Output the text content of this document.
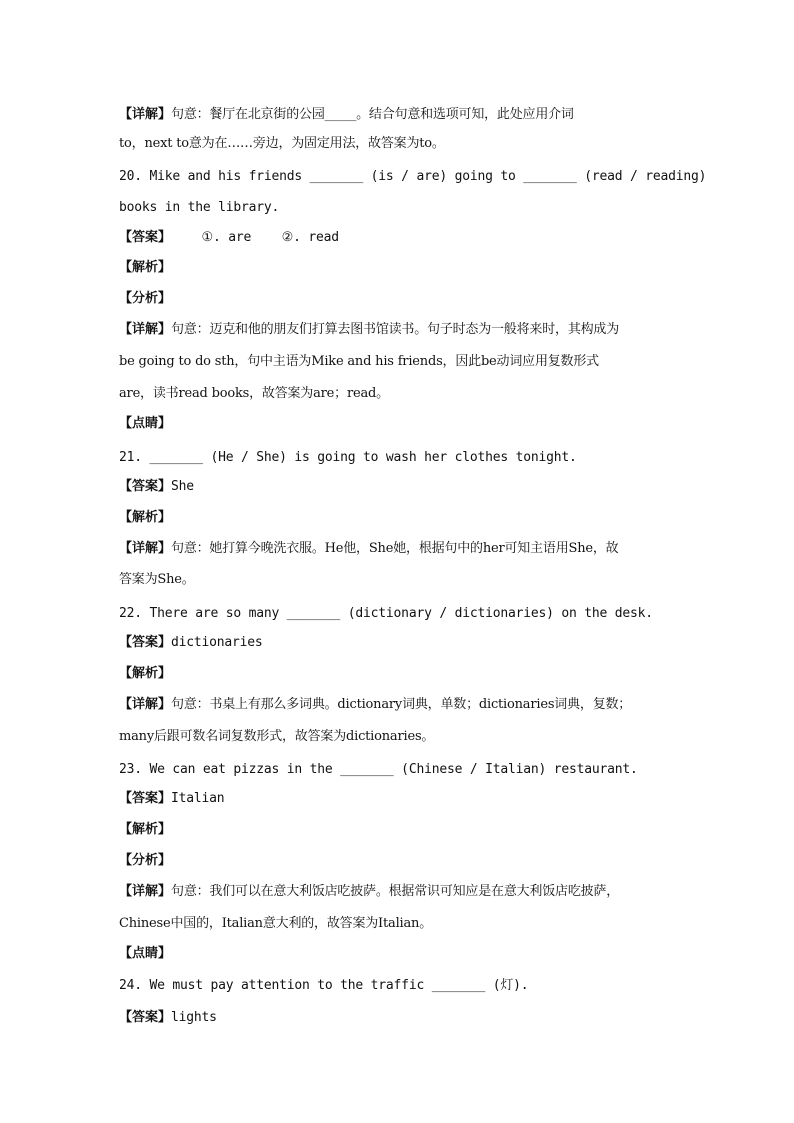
【详解】句意：餐厅在北京街的公园_____。结合句意和选项可知，此处应用介词
to，next to意为在……旁边，为固定用法，故答案为to。
20. Mike and his friends _______ (is / are) going to _______ (read / reading)
books in the library.
【答案】    ①. are    ②. read
【解析】
【分析】
【详解】句意：迈克和他的朋友们打算去图书馆读书。句子时态为一般将来时，其构成为
be going to do sth，句中主语为Mike and his friends，因此be动词应用复数形式
are，读书read books，故答案为are；read。
【点睛】
21. _______ (He / She) is going to wash her clothes tonight.
【答案】She
【解析】
【详解】句意：她打算今晚洗衣服。He他，She她，根据句中的her可知主语用She，故
答案为She。
22. There are so many _______ (dictionary / dictionaries) on the desk.
【答案】dictionaries
【解析】
【详解】句意：书桌上有那么多词典。dictionary词典，单数；dictionaries词典，复数；
many后跟可数名词复数形式，故答案为dictionaries。
23. We can eat pizzas in the _______ (Chinese / Italian) restaurant.
【答案】Italian
【解析】
【分析】
【详解】句意：我们可以在意大利饭店吃披萨。根据常识可知应是在意大利饭店吃披萨，
Chinese中国的，Italian意大利的，故答案为Italian。
【点睛】
24. We must pay attention to the traffic _______ (灯).
【答案】lights
